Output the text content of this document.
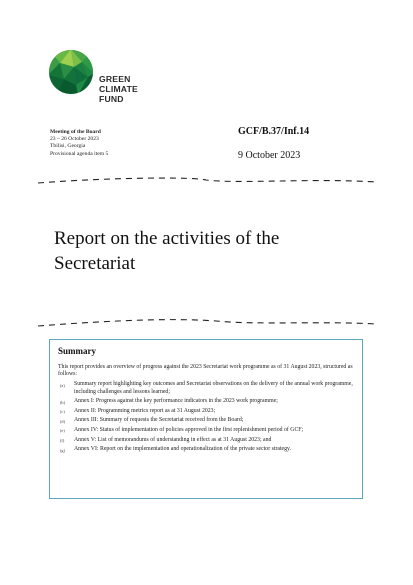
GREEN
CLIMATE
FUND
Meeting of the Board
23 – 26 October 2023
Tbilisi, Georgia
Provisional agenda item 5
GCF/B.37/Inf.14
9 October 2023
Report on the activities of the
Secretariat
Summary

This report provides an overview of progress against the 2023 Secretariat work programme as of 31 August 2023, structured as follows:

(a) Summary report highlighting key outcomes and Secretariat observations on the delivery of the annual work programme, including challenges and lessons learned;
(b) Annex I: Progress against the key performance indicators in the 2023 work programme;
(c) Annex II: Programming metrics report as at 31 August 2023;
(d) Annex III: Summary of requests the Secretariat received from the Board;
(e) Annex IV: Status of implementation of policies approved in the first replenishment period of GCF;
(f) Annex V: List of memorandums of understanding in effect as at 31 August 2023; and
(g) Annex VI: Report on the implementation and operationalization of the private sector strategy.
